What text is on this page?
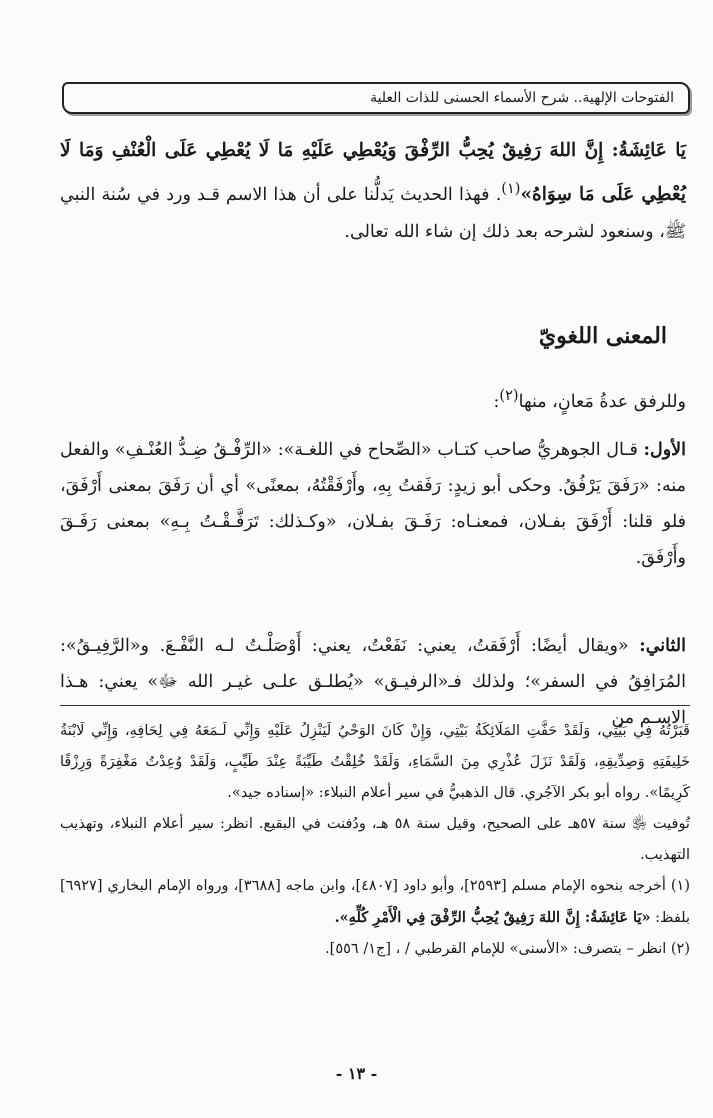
الفتوحات الإلهية.. شرح الأسماء الحسنى للذات العلية

يَا عَائِشَةُ: إِنَّ اللهَ رَفِيقٌ يُحِبُّ الرِّفْقَ وَيُعْطِي عَلَيْهِ مَا لَا يُعْطِي عَلَى الْعُنْفِ وَمَا لَا يُعْطِي عَلَى مَا سِوَاهُ»$^{(١)}$. فهذا الحديث يَدلُّنا على أن هذا الاسم قـد ورد في سُنة النبي ﷺ، وسنعود لشرحه بعد ذلك إن شاء الله تعالى.

المعنى اللغويّ
وللرفق عدةُ مَعانٍ، منها$^{(٢)}$:
الأول: قـال الجوهريُّ صاحب كتـاب «الصِّحاح في اللغـة»: «الرِّفْـقُ ضِـدُّ العُنْـفِ» والفعل منه: «رَفَقَ يَرْفُقُ. وحكى أبو زيدٍ: رَفَقتُ بِهِ، وأَرْفَقْتُهُ، بمعنًى» أي أن رَفَقَ بمعنى أَرْفَقَ، فلو قلنا: أَرْفَقَ بفـلان، فمعنـاه: رَفَـقَ بفـلان، «وكـذلك: تَرَفَّـقْـتُ بِـهِ» بمعنى رَفَـقَ وأَرْفَقَ.
الثاني: «ويقال أيضًا: أَرْفَقتُ، يعني: نَفَعْتُ، يعني: أَوْصَلْـتُ لـه النَّفْـعَ. و«الرَّفِيـقُ»: المُرَافِقُ في السفر»؛ ولذلك فـ«الرفيـق» «يُطلـق علـى غيـر الله ﷻ» يعني: هـذا الاسـم من

قَبَرْتُهُ فِي بَيْتِي، وَلَقَدْ حَفَّتِ المَلَائِكَةُ بَيْتِي، وَإِنْ كَانَ الوَحْيُ لَيَنْزِلُ عَلَيْهِ وَإِنِّي لَـمَعَهُ فِي لِحَافِهِ، وَإِنِّي لَابْنَةُ خَلِيفَتِهِ وَصِدِّيقِهِ، وَلَقَدْ نَزَلَ عُذْرِي مِنَ السَّمَاءِ، وَلَقَدْ خُلِقْتُ طَيِّبَةً عِنْدَ طَيِّبٍ، وَلَقَدْ وُعِدْتُ مَغْفِرَةً وَرِزْقًا كَرِيمًا». رواه أبو بكر الآجُري. قال الذهبيُّ في سير أعلام النبلاء: «إسناده جيد».

تُوفيت ﵂ سنة ٥٧هـ على الصحيح، وقيل سنة ٥٨ هـ، ودُفنت في البقيع. انظر: سير أعلام النبلاء، وتهذيب التهذيب.

(١) أخرجه بنحوه الإمام مسلم [٢٥٩٣]، وأبو داود [٤٨٠٧]، وابن ماجه [٣٦٨٨]، ورواه الإمام البخاري [٦٩٢٧] بلفظ: «يَا عَائِشَةُ: إِنَّ اللهَ رَفِيقٌ يُحِبُّ الرِّفْقَ فِي الْأَمْرِ كُلِّهِ».

(٢) انظر – بتصرف: «الأسنى» للإمام القرطبي / ، [ج١/ ٥٥٦].

- ١٣ -
